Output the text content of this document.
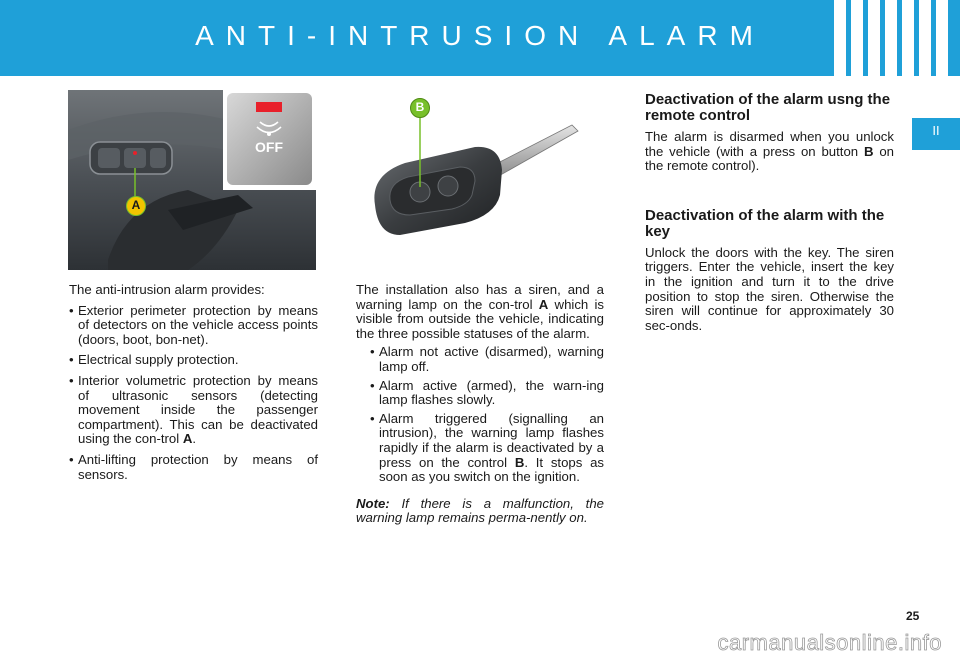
ANTI-INTRUSION ALARM
II
OFF
A
B

The anti-intrusion alarm provides:

• Exterior perimeter protection by means of detectors on the vehicle access points (doors, boot, bon-net).
• Electrical supply protection.
• Interior volumetric protection by means of ultrasonic sensors (detecting movement inside the passenger compartment). This can be deactivated using the con-trol A.
• Anti-lifting protection by means of sensors.

The installation also has a siren, and a warning lamp on the con-trol A which is visible from outside the vehicle, indicating the three possible statuses of the alarm.

• Alarm not active (disarmed), warning lamp off.
• Alarm active (armed), the warn-ing lamp flashes slowly.
• Alarm triggered (signalling an intrusion), the warning lamp flashes rapidly if the alarm is deactivated by a press on the control B. It stops as soon as you switch on the ignition.

Note: If there is a malfunction, the warning lamp remains perma-nently on.

Deactivation of the alarm usng the remote control

The alarm is disarmed when you unlock the vehicle (with a press on button B on the remote control).

Deactivation of the alarm with the key

Unlock the doors with the key. The siren triggers. Enter the vehicle, insert the key in the ignition and turn it to the drive position to stop the siren. Otherwise the siren will continue for approximately 30 sec-onds.

25
carmanualsonline.info
